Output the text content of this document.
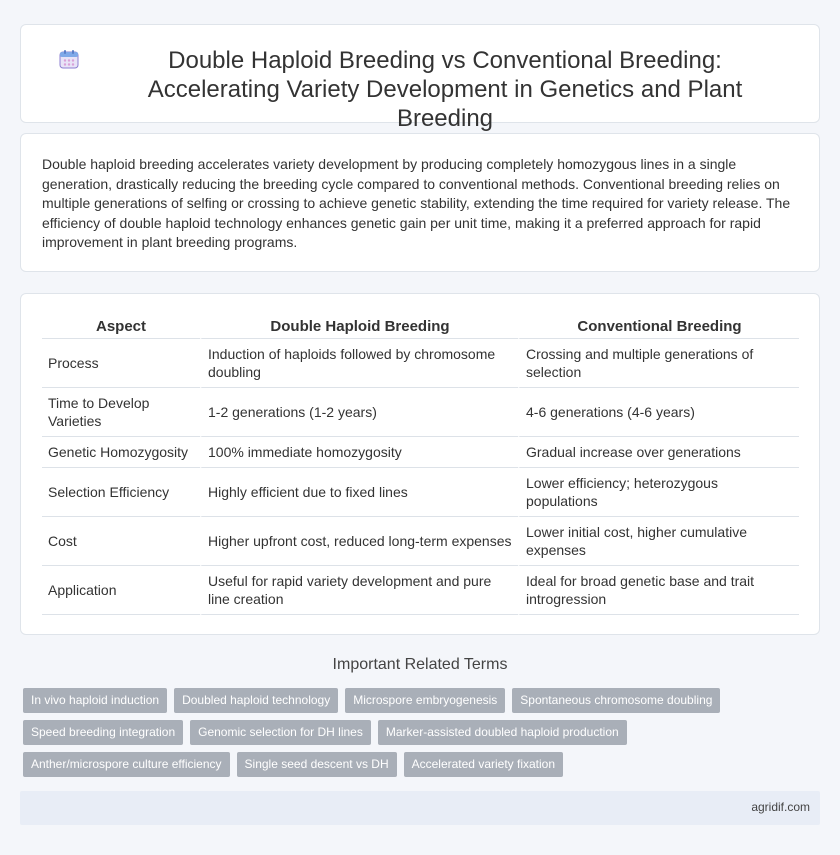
Double Haploid Breeding vs Conventional Breeding: Accelerating Variety Development in Genetics and Plant Breeding

Double haploid breeding accelerates variety development by producing completely homozygous lines in a single generation, drastically reducing the breeding cycle compared to conventional methods. Conventional breeding relies on multiple generations of selfing or crossing to achieve genetic stability, extending the time required for variety release. The efficiency of double haploid technology enhances genetic gain per unit time, making it a preferred approach for rapid improvement in plant breeding programs.

Aspect	Double Haploid Breeding	Conventional Breeding
Process	Induction of haploids followed by chromosome doubling	Crossing and multiple generations of selection
Time to Develop Varieties	1-2 generations (1-2 years)	4-6 generations (4-6 years)
Genetic Homozygosity	100% immediate homozygosity	Gradual increase over generations
Selection Efficiency	Highly efficient due to fixed lines	Lower efficiency; heterozygous populations
Cost	Higher upfront cost, reduced long-term expenses	Lower initial cost, higher cumulative expenses
Application	Useful for rapid variety development and pure line creation	Ideal for broad genetic base and trait introgression
Important Related Terms
In vivo haploid induction	Doubled haploid technology	Microspore embryogenesis	Spontaneous chromosome doubling
Speed breeding integration	Genomic selection for DH lines	Marker-assisted doubled haploid production
Anther/microspore culture efficiency	Single seed descent vs DH	Accelerated variety fixation
agridif.com
